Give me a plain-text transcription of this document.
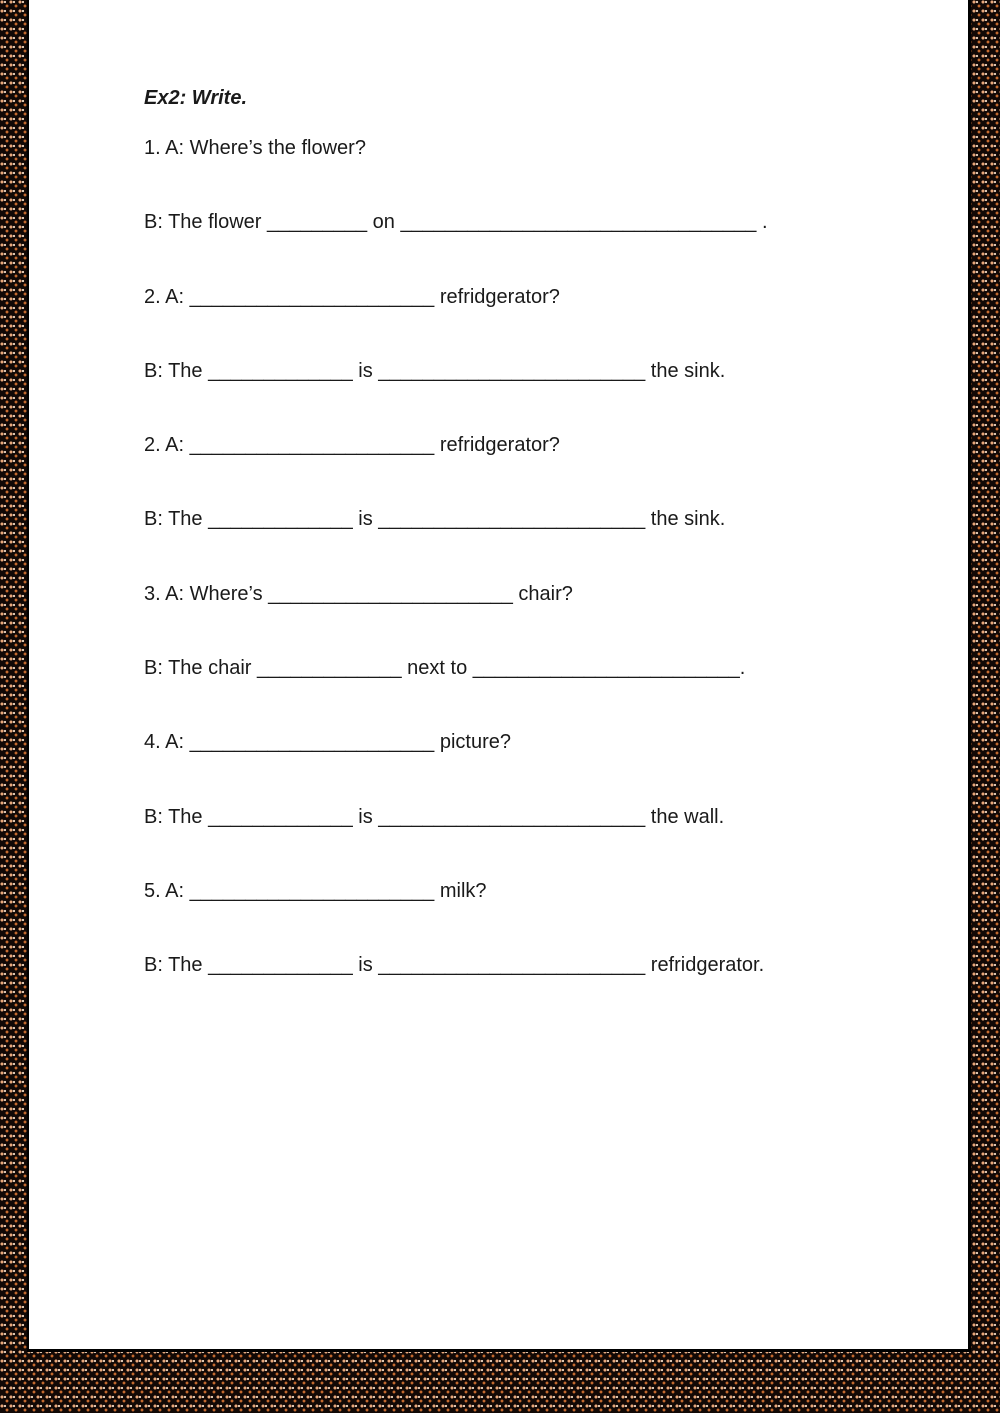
Ex2: Write.

1. A: Where’s the flower?

B: The flower _________ on ________________________________ .

2. A: ______________________ refridgerator?

B: The _____________ is ________________________ the sink.

2. A: ______________________ refridgerator?

B: The _____________ is ________________________ the sink.

3. A: Where’s ______________________ chair?

B: The chair _____________ next to ________________________.

4. A: ______________________ picture?

B: The _____________ is ________________________ the wall.

5. A: ______________________ milk?

B: The _____________ is ________________________ refridgerator.
